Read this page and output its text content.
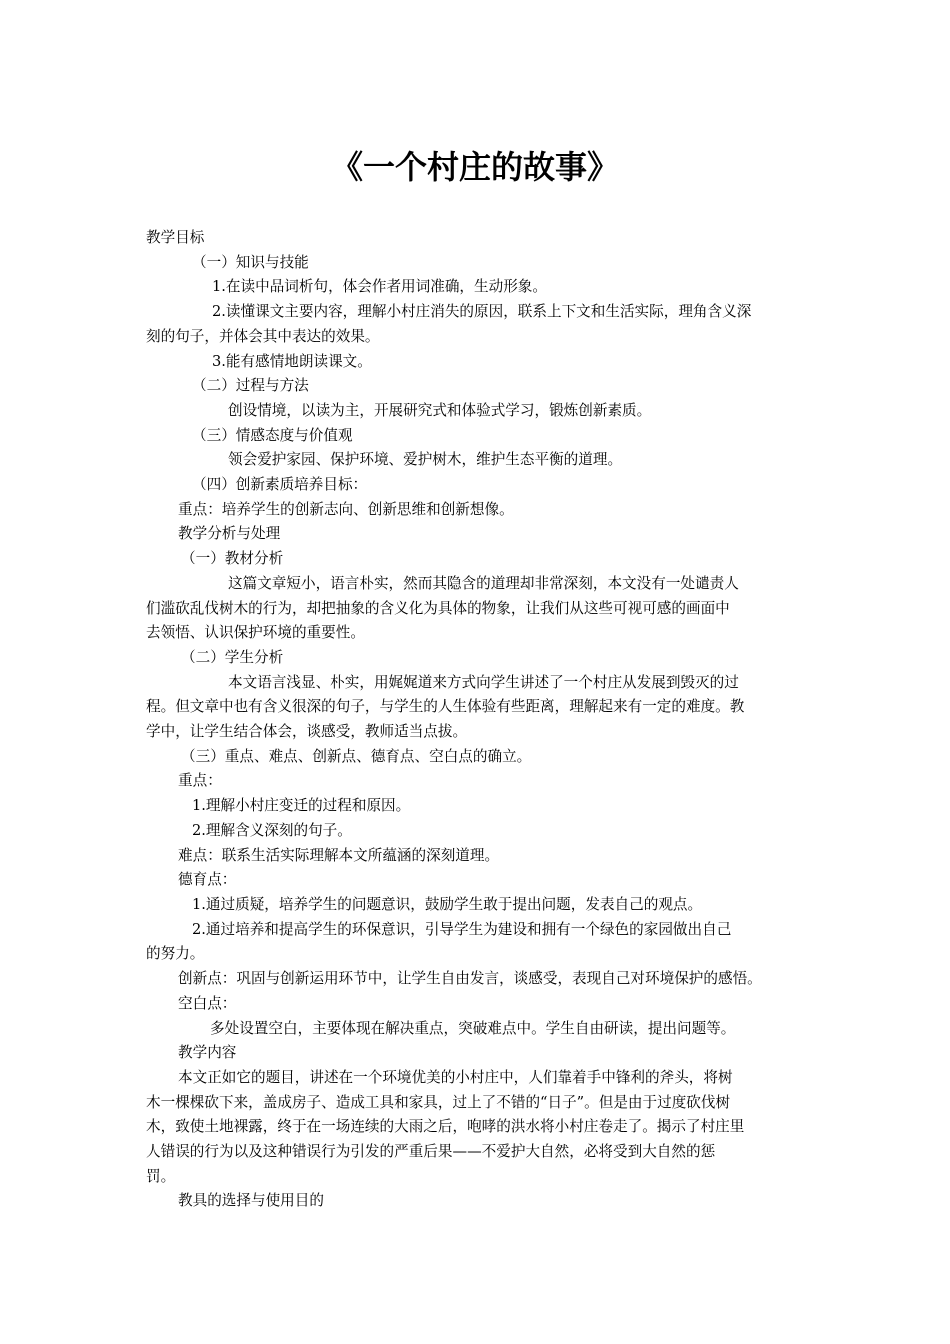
《一个村庄的故事》

教学目标

（一）知识与技能

1.在读中品词析句，体会作者用词准确，生动形象。

2.读懂课文主要内容，理解小村庄消失的原因，联系上下文和生活实际，理角含义深

刻的句子，并体会其中表达的效果。

3.能有感情地朗读课文。

（二）过程与方法

创设情境，以读为主，开展研究式和体验式学习，锻炼创新素质。

（三）情感态度与价值观

领会爱护家园、保护环境、爱护树木，维护生态平衡的道理。

（四）创新素质培养目标：

重点：培养学生的创新志向、创新思维和创新想像。

教学分析与处理

（一）教材分析

这篇文章短小，语言朴实，然而其隐含的道理却非常深刻，本文没有一处谴责人

们滥砍乱伐树木的行为，却把抽象的含义化为具体的物象，让我们从这些可视可感的画面中

去领悟、认识保护环境的重要性。

（二）学生分析

本文语言浅显、朴实，用娓娓道来方式向学生讲述了一个村庄从发展到毁灭的过

程。但文章中也有含义很深的句子，与学生的人生体验有些距离，理解起来有一定的难度。教

学中，让学生结合体会，谈感受，教师适当点拔。

（三）重点、难点、创新点、德育点、空白点的确立。

重点：

1.理解小村庄变迁的过程和原因。

2.理解含义深刻的句子。

难点：联系生活实际理解本文所蕴涵的深刻道理。

德育点：

1.通过质疑，培养学生的问题意识，鼓励学生敢于提出问题，发表自己的观点。

2.通过培养和提高学生的环保意识，引导学生为建设和拥有一个绿色的家园做出自己

的努力。

创新点：巩固与创新运用环节中，让学生自由发言，谈感受，表现自己对环境保护的感悟。

空白点：

多处设置空白，主要体现在解决重点，突破难点中。学生自由研读，提出问题等。

教学内容

本文正如它的题目，讲述在一个环境优美的小村庄中，人们靠着手中锋利的斧头，将树

木一棵棵砍下来，盖成房子、造成工具和家具，过上了不错的“日子”。但是由于过度砍伐树

木，致使土地裸露，终于在一场连续的大雨之后，咆哮的洪水将小村庄卷走了。揭示了村庄里

人错误的行为以及这种错误行为引发的严重后果——不爱护大自然，必将受到大自然的惩

罚。

教具的选择与使用目的
